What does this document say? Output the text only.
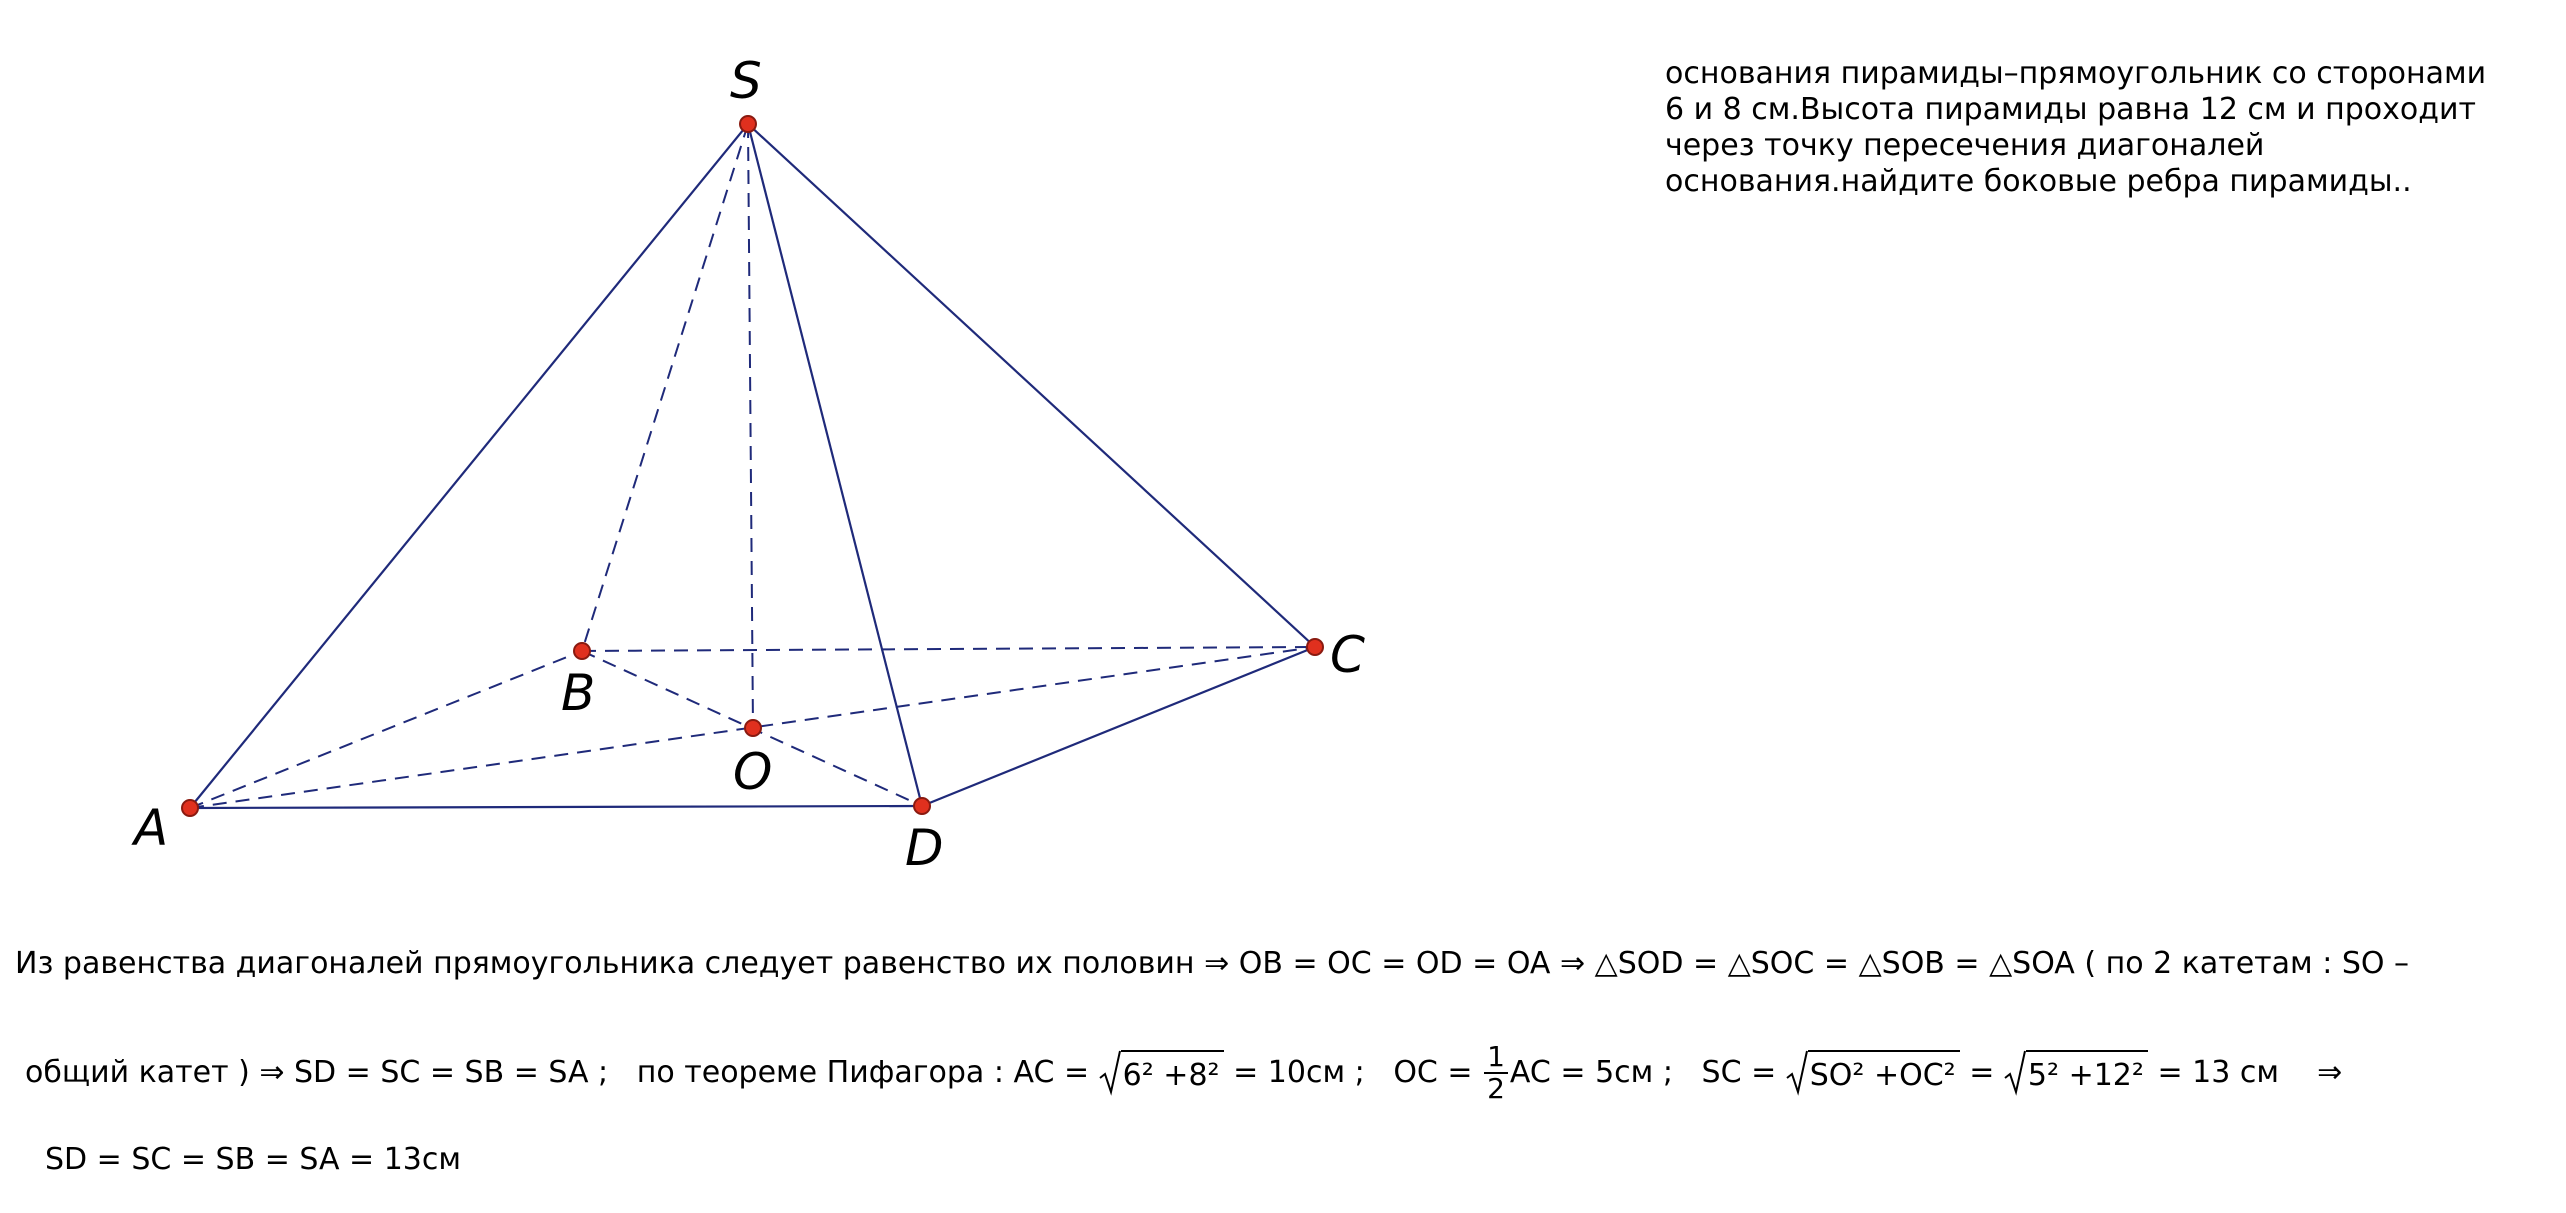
S
A
B
C
D
O
основания пирамиды–прямоугольник со сторонами
6 и 8 см.Высота пирамиды равна 12 см и проходит
через точку пересечения диагоналей
основания.найдите боковые ребра пирамиды..
Из равенства диагоналей прямоугольника следует равенство их половин ⇒ OB = OC = OD = OA ⇒ △SOD = △SOC = △SOB = △SOA ( по 2 катетам : SO –
общий катет ) ⇒ SD = SC = SB = SA ;   по теореме Пифагора : AC = 6² +8² = 10см ;   OC = $\frac{1}{2}$ AC = 5см ;   SC = SO² +OC² = 5² +12² = 13 см    ⇒
SD = SC = SB = SA = 13см
